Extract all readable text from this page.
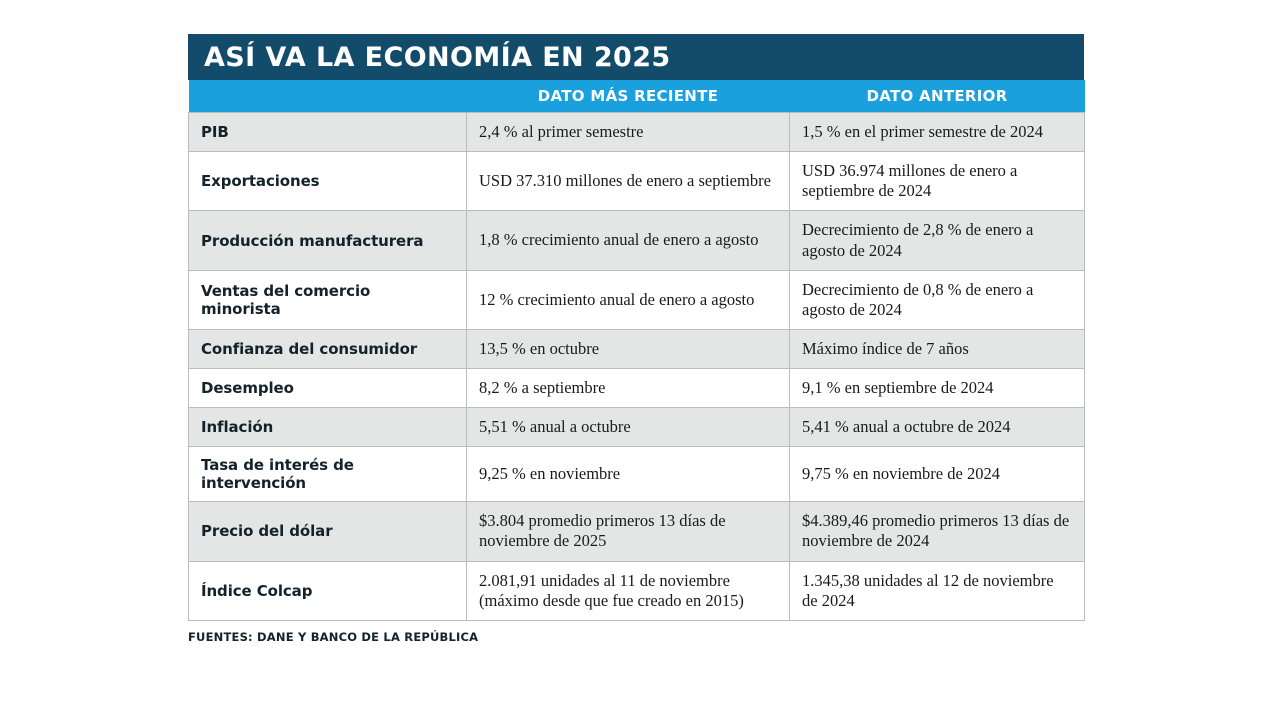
ASÍ VA LA ECONOMÍA EN 2025
	DATO MÁS RECIENTE	DATO ANTERIOR
PIB	2,4 % al primer semestre	1,5 % en el primer semestre de 2024
Exportaciones	USD 37.310 millones de enero a septiembre	USD 36.974 millones de enero a septiembre de 2024
Producción manufacturera	1,8 % crecimiento anual de enero a agosto	Decrecimiento de 2,8 % de enero a agosto de 2024
Ventas del comercio minorista	12 % crecimiento anual de enero a agosto	Decrecimiento de 0,8 % de enero a agosto de 2024
Confianza del consumidor	13,5 % en octubre	Máximo índice de 7 años
Desempleo	8,2 % a septiembre	9,1 % en septiembre de 2024
Inflación	5,51 % anual a octubre	5,41 % anual a octubre de 2024
Tasa de interés de intervención	9,25 % en noviembre	9,75 % en noviembre de 2024
Precio del dólar	$3.804 promedio primeros 13 días de noviembre de 2025	$4.389,46 promedio primeros 13 días de noviembre de 2024
Índice Colcap	2.081,91 unidades al 11 de noviembre (máximo desde que fue creado en 2015)	1.345,38 unidades al 12 de noviembre de 2024
FUENTES: DANE Y BANCO DE LA REPÚBLICA
